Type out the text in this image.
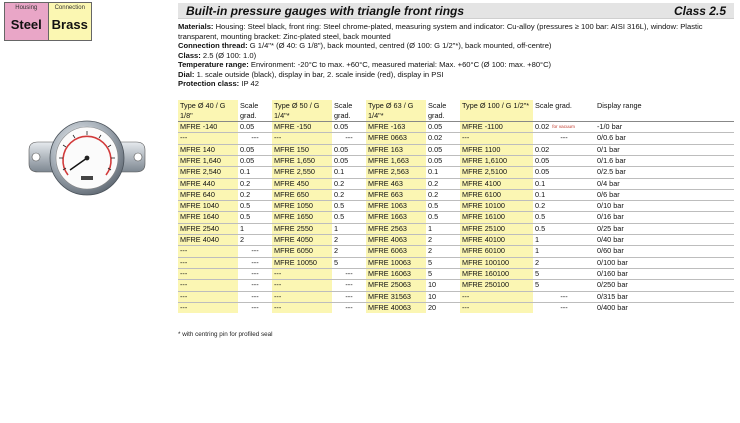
Housing
Steel
Connection
Brass
Built-in pressure gauges with triangle front rings	Class 2.5
Materials: Housing: Steel black, front ring: Steel chrome-plated, measuring system and indicator: Cu-alloy (pressures ≥ 100 bar: AISI 316L), window: Plastic transparent, mounting bracket: Zinc-plated steel, back mounted
Connection thread: G 1/4"* (Ø 40: G 1/8"), back mounted, centred (Ø 100: G 1/2"*), back mounted, off-centre)
Class: 2.5 (Ø 100: 1.0)
Temperature range: Environment: -20°C to max. +60°C, measured material: Max. +60°C (Ø 100: max. +80°C)
Dial: 1. scale outside (black), display in bar, 2. scale inside (red), display in PSI
Protection class: IP 42
Type Ø 40 / G 1/8"	Scale grad.	Type Ø 50 / G 1/4"*	Scale grad.	Type Ø 63 / G 1/4"*	Scale grad.	Type Ø 100 / G 1/2"*	Scale grad.	Display range
MFRE -140	0.05	MFRE -150	0.05	MFRE -163	0.05	MFRE -1100	0.02 for vacuum	-1/0 bar
---	---	---	---	MFRE 0663	0.02	---	---	0/0.6 bar
MFRE 140	0.05	MFRE 150	0.05	MFRE 163	0.05	MFRE 1100	0.02	0/1 bar
MFRE 1,640	0.05	MFRE 1,650	0.05	MFRE 1,663	0.05	MFRE 1,6100	0.05	0/1.6 bar
MFRE 2,540	0.1	MFRE 2,550	0.1	MFRE 2,563	0.1	MFRE 2,5100	0.05	0/2.5 bar
MFRE 440	0.2	MFRE 450	0.2	MFRE 463	0.2	MFRE 4100	0.1	0/4 bar
MFRE 640	0.2	MFRE 650	0.2	MFRE 663	0.2	MFRE 6100	0.1	0/6 bar
MFRE 1040	0.5	MFRE 1050	0.5	MFRE 1063	0.5	MFRE 10100	0.2	0/10 bar
MFRE 1640	0.5	MFRE 1650	0.5	MFRE 1663	0.5	MFRE 16100	0.5	0/16 bar
MFRE 2540	1	MFRE 2550	1	MFRE 2563	1	MFRE 25100	0.5	0/25 bar
MFRE 4040	2	MFRE 4050	2	MFRE 4063	2	MFRE 40100	1	0/40 bar
---	---	MFRE 6050	2	MFRE 6063	2	MFRE 60100	1	0/60 bar
---	---	MFRE 10050	5	MFRE 10063	5	MFRE 100100	2	0/100 bar
---	---	---	---	MFRE 16063	5	MFRE 160100	5	0/160 bar
---	---	---	---	MFRE 25063	10	MFRE 250100	5	0/250 bar
---	---	---	---	MFRE 31563	10	---	---	0/315 bar
---	---	---	---	MFRE 40063	20	---	---	0/400 bar
* with centring pin for profiled seal
